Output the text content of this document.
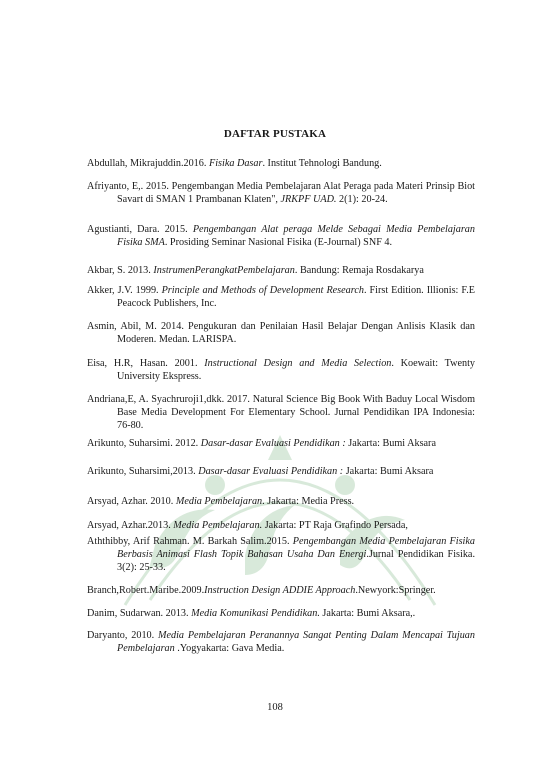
DAFTAR PUSTAKA
Abdullah, Mikrajuddin.2016. Fisika Dasar. Institut Tehnologi Bandung.
Afriyanto, E,. 2015. Pengembangan Media Pembelajaran Alat Peraga pada Materi Prinsip Biot Savart di SMAN 1 Prambanan Klaten", JRKPF UAD. 2(1): 20-24.
Agustianti, Dara. 2015. Pengembangan Alat peraga Melde Sebagai Media Pembelajaran Fisika SMA. Prosiding Seminar Nasional Fisika (E-Journal) SNF 4.
Akbar, S. 2013. InstrumenPerangkatPembelajaran. Bandung: Remaja Rosdakarya
Akker, J.V. 1999. Principle and Methods of Development Research. First Edition. Illionis: F.E Peacock Publishers, Inc.
Asmin, Abil, M. 2014. Pengukuran dan Penilaian Hasil Belajar Dengan Anlisis Klasik dan Moderen. Medan. LARISPA.
Eisa, H.R, Hasan. 2001. Instructional Design and Media Selection. Koewait: Twenty University Ekspress.
Andriana,E, A. Syachruroji1,dkk. 2017. Natural Science Big Book With Baduy Local Wisdom Base Media Development For Elementary School. Jurnal Pendidikan IPA Indonesia: 76-80.
Arikunto, Suharsimi. 2012. Dasar-dasar Evaluasi Pendidikan : Jakarta: Bumi Aksara
Arikunto, Suharsimi,2013. Dasar-dasar Evaluasi Pendidikan : Jakarta: Bumi Aksara
Arsyad, Azhar. 2010. Media Pembelajaran. Jakarta: Media Press.
Arsyad, Azhar.2013. Media Pembelajaran. Jakarta: PT Raja Grafindo Persada,
Aththibby, Arif Rahman. M. Barkah Salim.2015. Pengembangan Media Pembelajaran Fisika Berbasis Animasi Flash Topik Bahasan Usaha Dan Energi.Jurnal Pendidikan Fisika. 3(2): 25-33.
Branch,Robert.Maribe.2009.Instruction Design ADDIE Approach.Newyork:Springer.
Danim, Sudarwan. 2013. Media Komunikasi Pendidikan. Jakarta: Bumi Aksara,.
Daryanto, 2010. Media Pembelajaran Peranannya Sangat Penting Dalam Mencapai Tujuan Pembelajaran .Yogyakarta: Gava Media.
108
